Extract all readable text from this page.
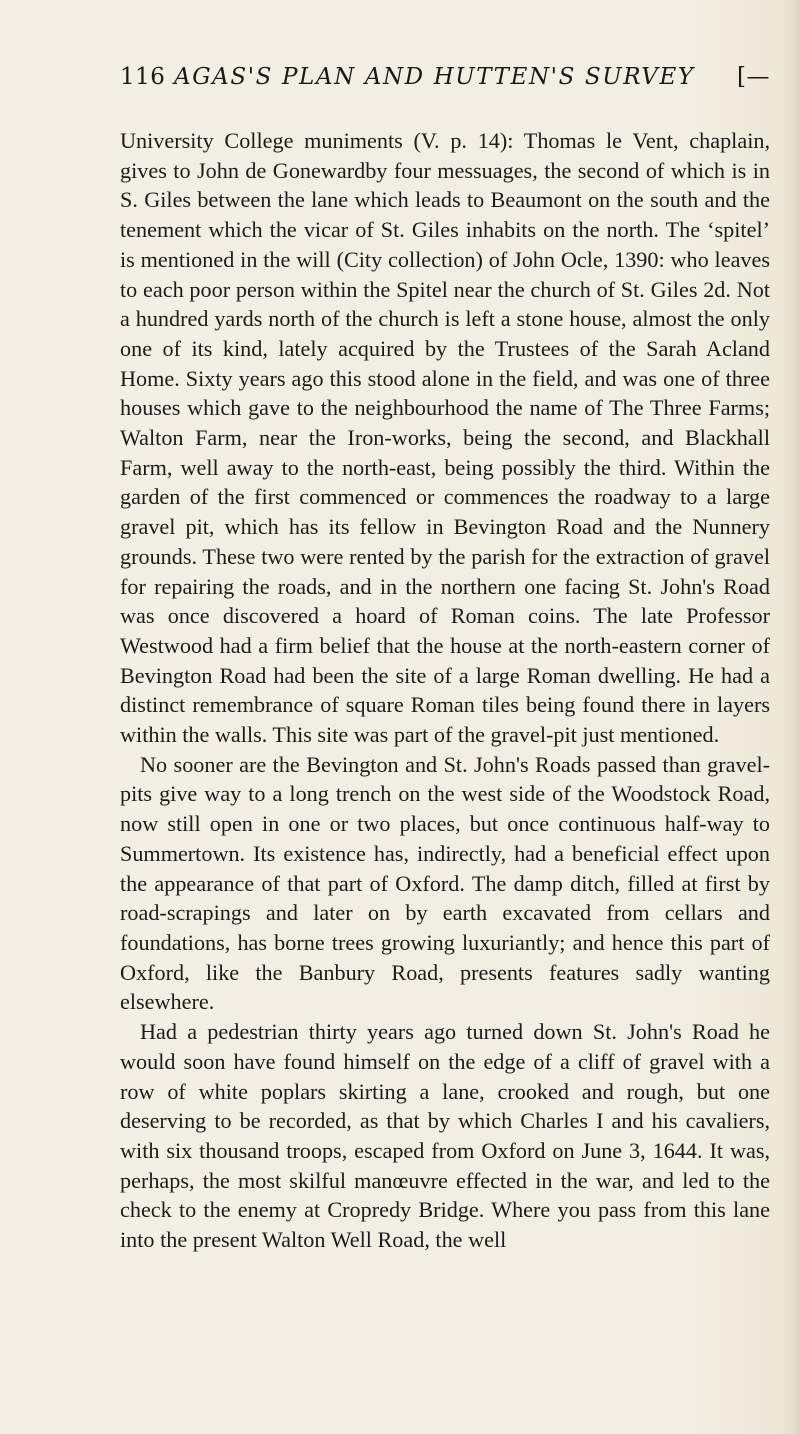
116 AGAS'S PLAN AND HUTTEN'S SURVEY [—

University College muniments (V. p. 14): Thomas le Vent, chaplain, gives to John de Gonewardby four messuages, the second of which is in S. Giles between the lane which leads to Beaumont on the south and the tenement which the vicar of St. Giles inhabits on the north. The ‘spitel’ is mentioned in the will (City collection) of John Ocle, 1390: who leaves to each poor person within the Spitel near the church of St. Giles 2d. Not a hundred yards north of the church is left a stone house, almost the only one of its kind, lately acquired by the Trustees of the Sarah Acland Home. Sixty years ago this stood alone in the field, and was one of three houses which gave to the neighbourhood the name of The Three Farms; Walton Farm, near the Iron-works, being the second, and Blackhall Farm, well away to the north-east, being possibly the third. Within the garden of the first commenced or commences the roadway to a large gravel pit, which has its fellow in Bevington Road and the Nunnery grounds. These two were rented by the parish for the extraction of gravel for repairing the roads, and in the northern one facing St. John's Road was once discovered a hoard of Roman coins. The late Professor Westwood had a firm belief that the house at the north-eastern corner of Bevington Road had been the site of a large Roman dwelling. He had a distinct remembrance of square Roman tiles being found there in layers within the walls. This site was part of the gravel-pit just mentioned.

No sooner are the Bevington and St. John's Roads passed than gravel-pits give way to a long trench on the west side of the Woodstock Road, now still open in one or two places, but once continuous half-way to Summertown. Its existence has, indirectly, had a beneficial effect upon the appearance of that part of Oxford. The damp ditch, filled at first by road-scrapings and later on by earth excavated from cellars and foundations, has borne trees growing luxuriantly; and hence this part of Oxford, like the Banbury Road, presents features sadly wanting elsewhere.

Had a pedestrian thirty years ago turned down St. John's Road he would soon have found himself on the edge of a cliff of gravel with a row of white poplars skirting a lane, crooked and rough, but one deserving to be recorded, as that by which Charles I and his cavaliers, with six thousand troops, escaped from Oxford on June 3, 1644. It was, perhaps, the most skilful manœuvre effected in the war, and led to the check to the enemy at Cropredy Bridge. Where you pass from this lane into the present Walton Well Road, the well
